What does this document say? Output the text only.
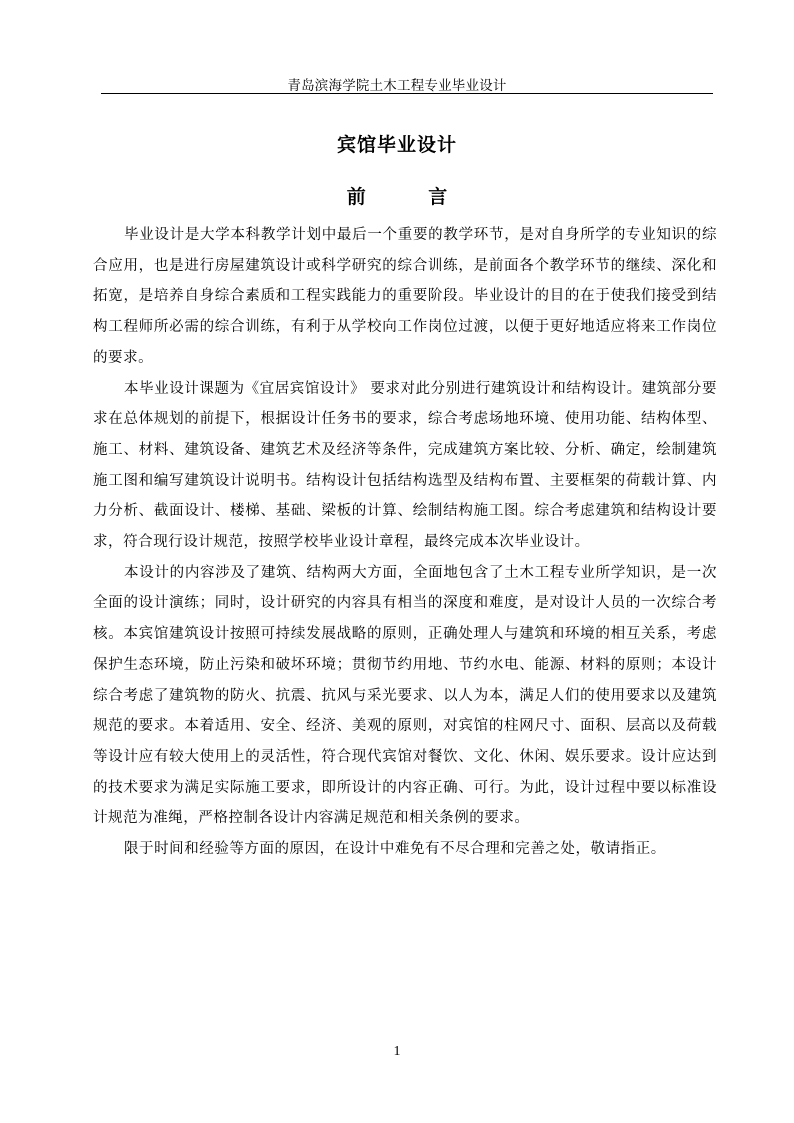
青岛滨海学院土木工程专业毕业设计
宾馆毕业设计
前 言

毕业设计是大学本科教学计划中最后一个重要的教学环节，是对自身所学的专业知识的综合应用，也是进行房屋建筑设计或科学研究的综合训练，是前面各个教学环节的继续、深化和拓宽，是培养自身综合素质和工程实践能力的重要阶段。毕业设计的目的在于使我们接受到结构工程师所必需的综合训练，有利于从学校向工作岗位过渡，以便于更好地适应将来工作岗位的要求。

本毕业设计课题为《宜居宾馆设计》 要求对此分别进行建筑设计和结构设计。建筑部分要求在总体规划的前提下，根据设计任务书的要求，综合考虑场地环境、使用功能、结构体型、施工、材料、建筑设备、建筑艺术及经济等条件，完成建筑方案比较、分析、确定，绘制建筑施工图和编写建筑设计说明书。结构设计包括结构选型及结构布置、主要框架的荷载计算、内力分析、截面设计、楼梯、基础、梁板的计算、绘制结构施工图。综合考虑建筑和结构设计要求，符合现行设计规范，按照学校毕业设计章程，最终完成本次毕业设计。

本设计的内容涉及了建筑、结构两大方面，全面地包含了土木工程专业所学知识，是一次全面的设计演练；同时，设计研究的内容具有相当的深度和难度，是对设计人员的一次综合考核。本宾馆建筑设计按照可持续发展战略的原则，正确处理人与建筑和环境的相互关系，考虑保护生态环境，防止污染和破坏环境；贯彻节约用地、节约水电、能源、材料的原则；本设计综合考虑了建筑物的防火、抗震、抗风与采光要求、以人为本，满足人们的使用要求以及建筑规范的要求。本着适用、安全、经济、美观的原则，对宾馆的柱网尺寸、面积、层高以及荷载等设计应有较大使用上的灵活性，符合现代宾馆对餐饮、文化、休闲、娱乐要求。设计应达到的技术要求为满足实际施工要求，即所设计的内容正确、可行。为此，设计过程中要以标准设计规范为准绳，严格控制各设计内容满足规范和相关条例的要求。

限于时间和经验等方面的原因，在设计中难免有不尽合理和完善之处，敬请指正。

1
